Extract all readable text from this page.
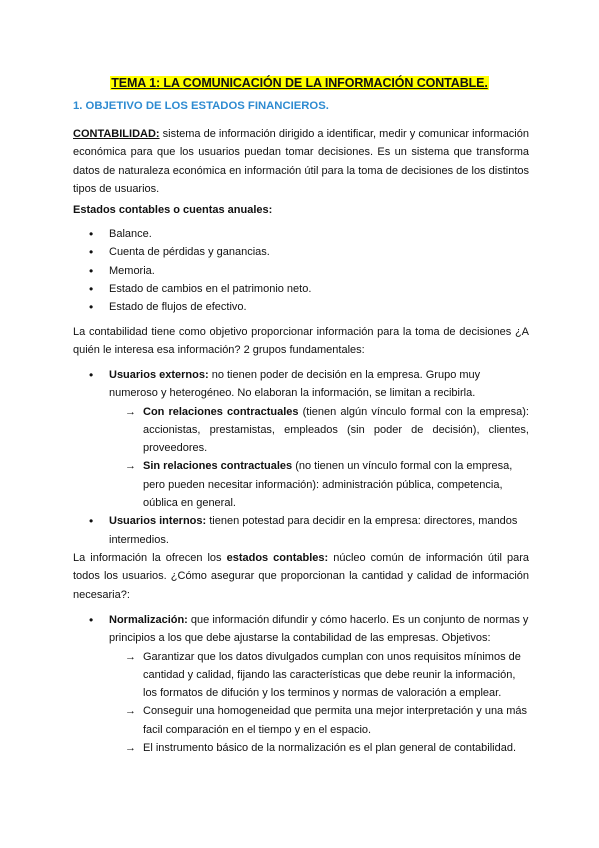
TEMA 1: LA COMUNICACIÓN DE LA INFORMACIÓN CONTABLE.
1. OBJETIVO DE LOS ESTADOS FINANCIEROS.
CONTABILIDAD: sistema de información dirigido a identificar, medir y comunicar información económica para que los usuarios puedan tomar decisiones. Es un sistema que transforma datos de naturaleza económica en información útil para la toma de decisiones de los distintos tipos de usuarios.
Estados contables o cuentas anuales:
• Balance.
• Cuenta de pérdidas y ganancias.
• Memoria.
• Estado de cambios en el patrimonio neto.
• Estado de flujos de efectivo.
La contabilidad tiene como objetivo proporcionar información para la toma de decisiones ¿A quién le interesa esa información? 2 grupos fundamentales:
• Usuarios externos: no tienen poder de decisión en la empresa. Grupo muy numeroso y heterogéneo. No elaboran la información, se limitan a recibirla.
→ Con relaciones contractuales (tienen algún vínculo formal con la empresa): accionistas, prestamistas, empleados (sin poder de decisión), clientes, proveedores.
→ Sin relaciones contractuales (no tienen un vínculo formal con la empresa, pero pueden necesitar información): administración pública, competencia, oública en general.
• Usuarios internos: tienen potestad para decidir en la empresa: directores, mandos intermedios.
La información la ofrecen los estados contables: núcleo común de información útil para todos los usuarios. ¿Cómo asegurar que proporcionan la cantidad y calidad de información necesaria?:
• Normalización: que información difundir y cómo hacerlo. Es un conjunto de normas y principios a los que debe ajustarse la contabilidad de las empresas. Objetivos:
→ Garantizar que los datos divulgados cumplan con unos requisitos mínimos de cantidad y calidad, fijando las características que debe reunir la información, los formatos de difución y los terminos y normas de valoración a emplear.
→ Conseguir una homogeneidad que permita una mejor interpretación y una más facil comparación en el tiempo y en el espacio.
→ El instrumento básico de la normalización es el plan general de contabilidad.
